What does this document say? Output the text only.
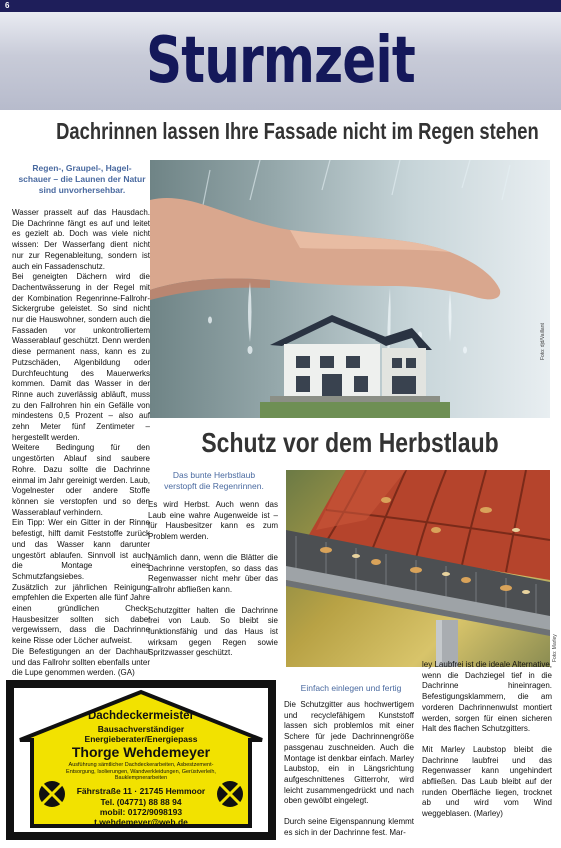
6
Sturmzeit
Dachrinnen lassen Ihre Fassade nicht im Regen stehen
Regen-, Graupel-, Hagel-
schauer – die Launen der Natur
sind unvorhersehbar.

Wasser prasselt auf das Hausdach. Die Dachrinne fängt es auf und leitet es gezielt ab. Doch was viele nicht wissen: Der Wasserfang dient nicht nur zur Regenableitung, sondern ist auch ein Fassadenschutz.

Bei geneigten Dächern wird die Dachentwässerung in der Regel mit der Kombination Regenrinne-Fallrohr-Sickergrube geleistet. So sind nicht nur die Hauswohner, sondern auch die Fassaden vor unkontrolliertem Wasserablauf geschützt. Denn werden diese permanent nass, kann es zu Putzschäden, Algenbildung oder Durchfeuchtung des Mauerwerks kommen. Damit das Wasser in der Rinne auch zuverlässig abläuft, muss zu den Fallrohren hin ein Gefälle von mindestens 0,5 Prozent – also auf zehn Meter fünf Zentimeter – hergestellt werden.

Weitere Bedingung für den ungestörten Ablauf sind saubere Rohre. Dazu sollte die Dachrinne einmal im Jahr gereinigt werden. Laub, Vogelnester oder andere Stoffe können sie verstopfen und so den Wasserablauf verhindern.

Ein Tipp: Wer ein Gitter in der Rinne befestigt, hilft damit Feststoffe zurück und das Wasser kann darunter ungestört ablaufen. Sinnvoll ist auch die Montage eines Schmutzfangsiebes.

Zusätzlich zur jährlichen Reinigung empfehlen die Experten alle fünf Jahre einen gründlichen Check: Hausbesitzer sollten sich dabei vergewissern, dass die Dachrinne keine Risse oder Löcher aufweist.

Die Befestigungen an der Dachhaut und das Fallrohr sollten ebenfalls unter die Lupe genommen werden. (GA)

Foto: djd/Vaillant
Schutz vor dem Herbstlaub
Das bunte Herbstlaub
verstopft die Regenrinnen.

Es wird Herbst. Auch wenn das Laub eine wahre Augenweide ist – für Hausbesitzer kann es zum Problem werden.

Nämlich dann, wenn die Blätter die Dachrinne verstopfen, so dass das Regenwasser nicht mehr über das Fallrohr abfließen kann.

Schutzgitter halten die Dachrinne frei von Laub. So bleibt sie funktionsfähig und das Haus ist wirksam gegen Regen sowie Spritzwasser geschützt.	Foto: Marley
Einfach einlegen und fertig

Die Schutzgitter aus hochwertigem und recyclefähigem Kunststoff lassen sich problemlos mit einer Schere für jede Dachrinnengröße passgenau zuschneiden. Auch die Montage ist denkbar einfach. Marley Laubstop, ein in Längsrichtung aufgeschnittenes Gitterrohr, wird leicht zusammengedrückt und nach oben gewölbt eingelegt.

Durch seine Eigenspannung klemmt es sich in der Dachrinne fest. Mar-

ley Laubfrei ist die ideale Alternative, wenn die Dachziegel tief in die Dachrinne hineinragen. Befestigungsklammern, die am vorderen Dachrinnenwulst montiert werden, sorgen für einen sicheren Halt des flachen Schutzgitters.

Mit Marley Laubstop bleibt die Dachrinne laubfrei und das Regenwasser kann ungehindert abfließen. Das Laub bleibt auf der runden Oberfläche liegen, trocknet ab und wird vom Wind weggeblasen. (Marley)

Dachdeckermeister
Bausachverständiger
Energieberater/Energiepass
Thorge Wehdemeyer
Ausführung sämtlicher Dachdeckerarbeiten, Asbestzement-Entsorgung, Isolierungen, Wandverkleidungen, Gerüstverleih, Bauklempnerarbeiten
Fährstraße 11 · 21745 Hemmoor
Tel. (04771) 88 88 94
mobil: 0172/9098193
t.wehdemeyer@web.de
